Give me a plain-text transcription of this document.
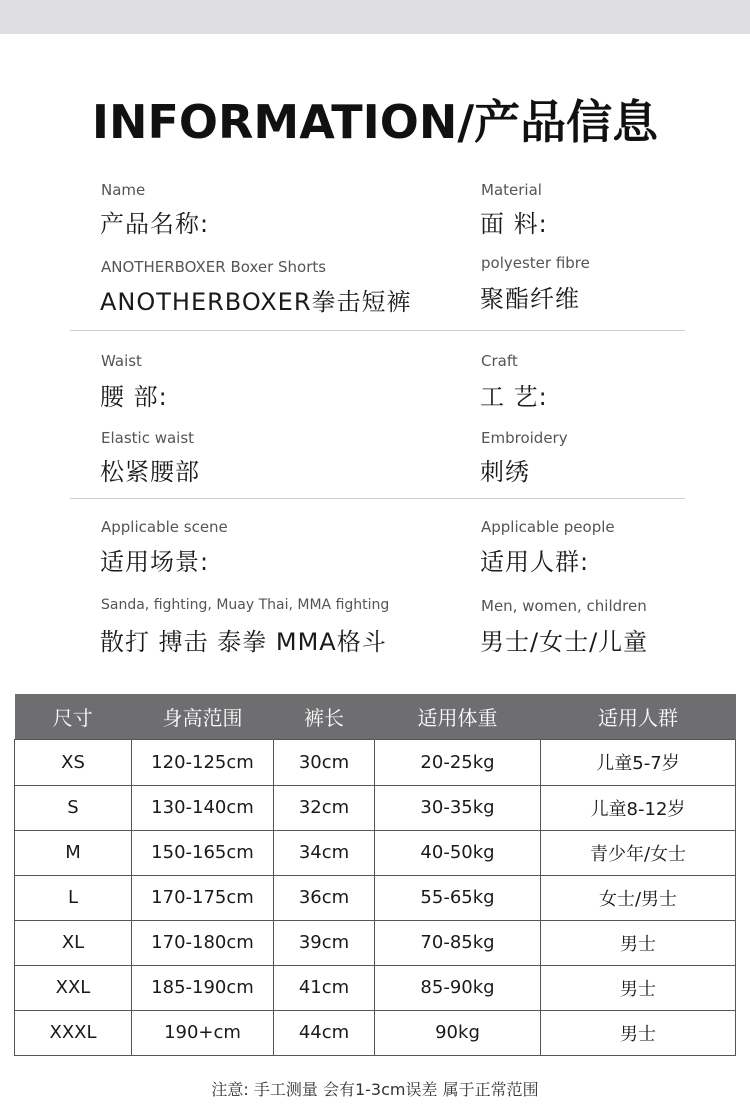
INFORMATION/产品信息
Name
产品名称:
ANOTHERBOXER Boxer Shorts
ANOTHERBOXER拳击短裤
Material
面 料:
polyester fibre
聚酯纤维
Waist
腰 部:
Elastic waist
松紧腰部
Craft
工 艺:
Embroidery
刺绣
Applicable scene
适用场景:
Sanda, fighting, Muay Thai, MMA fighting
散打 搏击 泰拳 MMA格斗
Applicable people
适用人群:
Men, women, children
男士/女士/儿童
尺寸	身高范围	裤长	适用体重	适用人群
XS	120-125cm	30cm	20-25kg	儿童5-7岁
S	130-140cm	32cm	30-35kg	儿童8-12岁
M	150-165cm	34cm	40-50kg	青少年/女士
L	170-175cm	36cm	55-65kg	女士/男士
XL	170-180cm	39cm	70-85kg	男士
XXL	185-190cm	41cm	85-90kg	男士
XXXL	190+cm	44cm	90kg	男士
注意: 手工测量 会有1-3cm误差 属于正常范围
